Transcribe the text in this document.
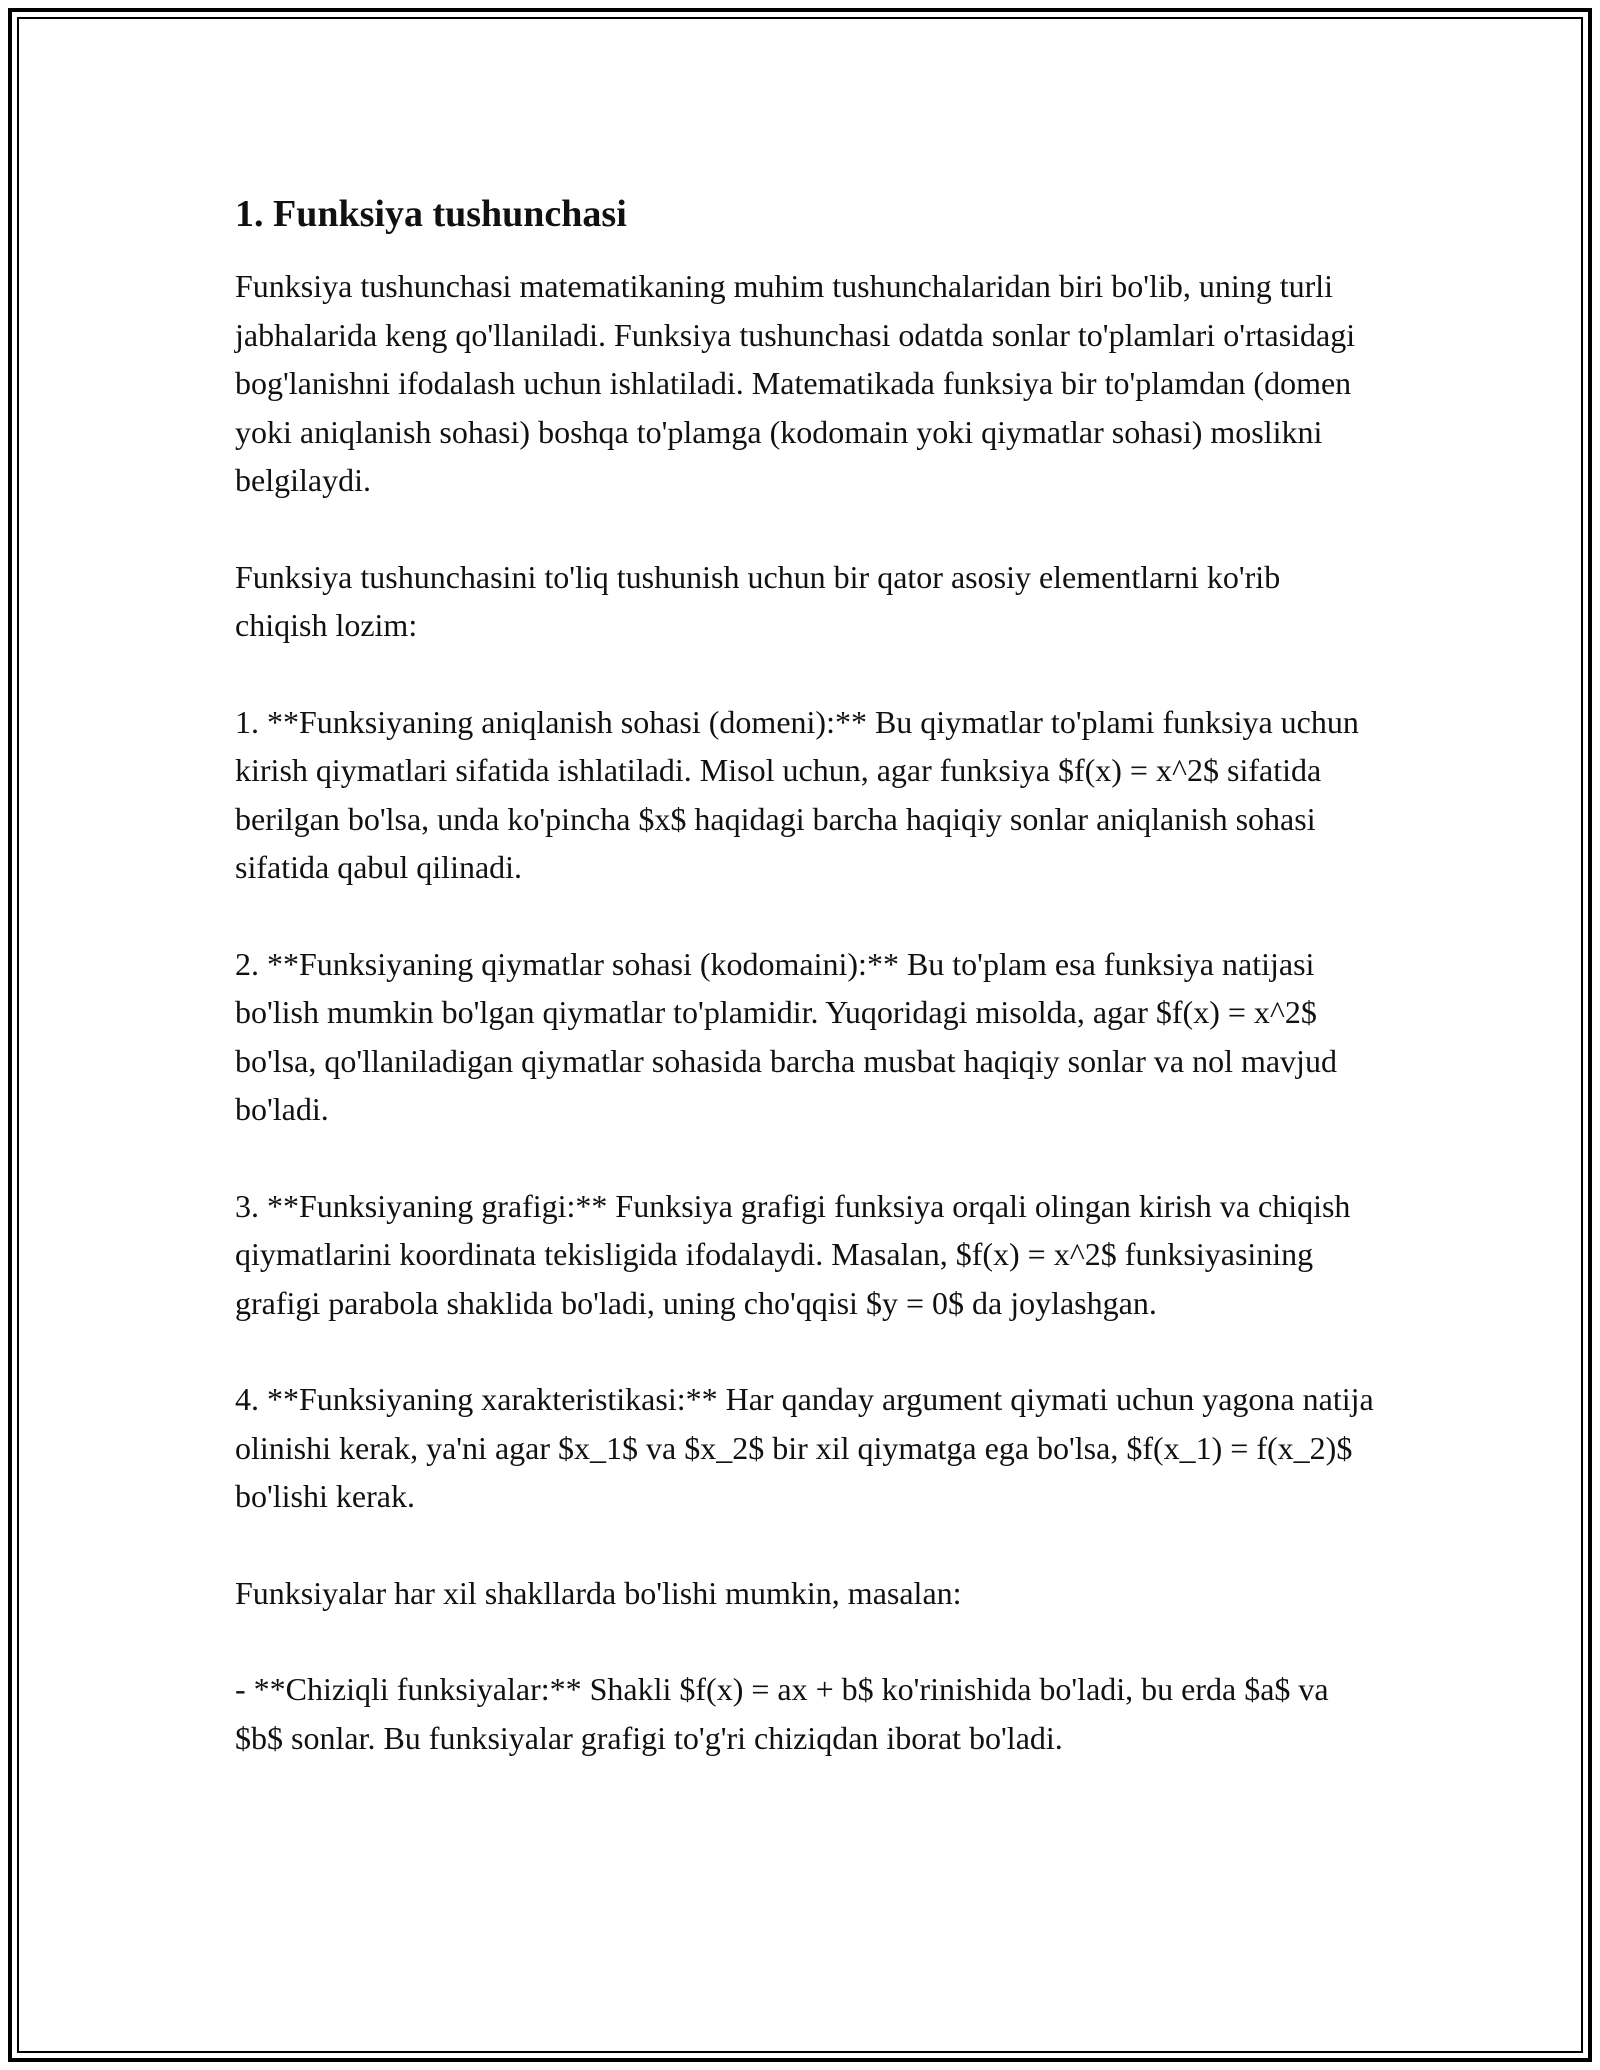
1. Funksiya tushunchasi

Funksiya tushunchasi matematikaning muhim tushunchalaridan biri bo'lib, uning turli jabhalarida keng qo'llaniladi. Funksiya tushunchasi odatda sonlar to'plamlari o'rtasidagi bog'lanishni ifodalash uchun ishlatiladi. Matematikada funksiya bir to'plamdan (domen yoki aniqlanish sohasi) boshqa to'plamga (kodomain yoki qiymatlar sohasi) moslikni belgilaydi.

Funksiya tushunchasini to'liq tushunish uchun bir qator asosiy elementlarni ko'rib chiqish lozim:

1. **Funksiyaning aniqlanish sohasi (domeni):** Bu qiymatlar to'plami funksiya uchun kirish qiymatlari sifatida ishlatiladi. Misol uchun, agar funksiya $f(x) = x^2$ sifatida berilgan bo'lsa, unda ko'pincha $x$ haqidagi barcha haqiqiy sonlar aniqlanish sohasi sifatida qabul qilinadi.

2. **Funksiyaning qiymatlar sohasi (kodomaini):** Bu to'plam esa funksiya natijasi bo'lish mumkin bo'lgan qiymatlar to'plamidir. Yuqoridagi misolda, agar $f(x) = x^2$ bo'lsa, qo'llaniladigan qiymatlar sohasida barcha musbat haqiqiy sonlar va nol mavjud bo'ladi.

3. **Funksiyaning grafigi:** Funksiya grafigi funksiya orqali olingan kirish va chiqish qiymatlarini koordinata tekisligida ifodalaydi. Masalan, $f(x) = x^2$ funksiyasining grafigi parabola shaklida bo'ladi, uning cho'qqisi $y = 0$ da joylashgan.

4. **Funksiyaning xarakteristikasi:** Har qanday argument qiymati uchun yagona natija olinishi kerak, ya'ni agar $x_1$ va $x_2$ bir xil qiymatga ega bo'lsa, $f(x_1) = f(x_2)$ bo'lishi kerak.

Funksiyalar har xil shakllarda bo'lishi mumkin, masalan:

- **Chiziqli funksiyalar:** Shakli $f(x) = ax + b$ ko'rinishida bo'ladi, bu erda $a$ va $b$ sonlar. Bu funksiyalar grafigi to'g'ri chiziqdan iborat bo'ladi.
